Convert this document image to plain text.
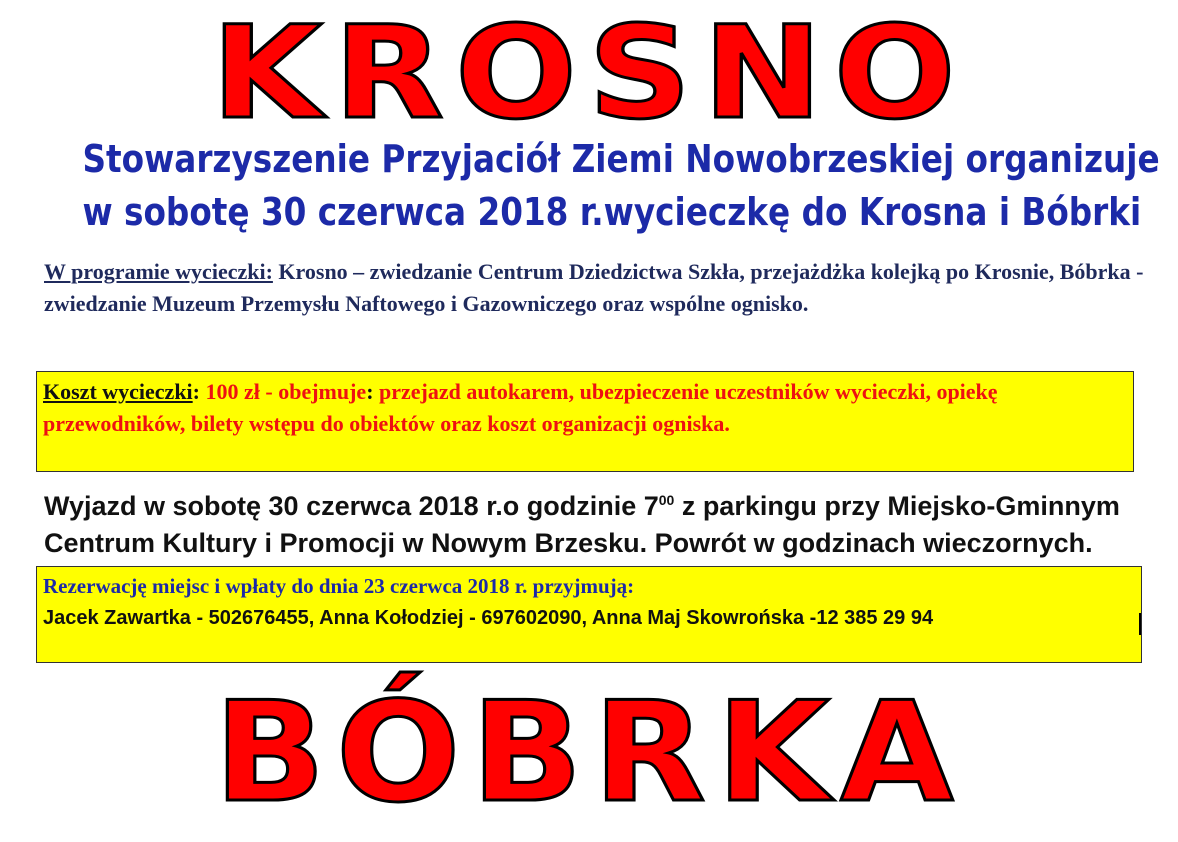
KROSNO
Stowarzyszenie Przyjaciół Ziemi Nowobrzeskiej organizuje
w sobotę 30 czerwca 2018 r.wycieczkę do Krosna i Bóbrki
W programie wycieczki: Krosno – zwiedzanie Centrum Dziedzictwa Szkła, przejażdżka kolejką po Krosnie, Bóbrka - zwiedzanie Muzeum Przemysłu Naftowego i Gazowniczego oraz wspólne ognisko.
Koszt wycieczki: 100 zł - obejmuje: przejazd autokarem, ubezpieczenie uczestników wycieczki, opiekę przewodników, bilety wstępu do obiektów oraz koszt organizacji ogniska.
Wyjazd w sobotę 30 czerwca 2018 r.o godzinie $7^{00}$ z parkingu przy Miejsko-Gminnym Centrum Kultury i Promocji w Nowym Brzesku. Powrót w godzinach wieczornych.
Rezerwację miejsc i wpłaty do dnia 23 czerwca 2018 r. przyjmują:
Jacek Zawartka - 502676455, Anna Kołodziej - 697602090, Anna Maj Skowrońska -12 385 29 94
BÓBRKA
